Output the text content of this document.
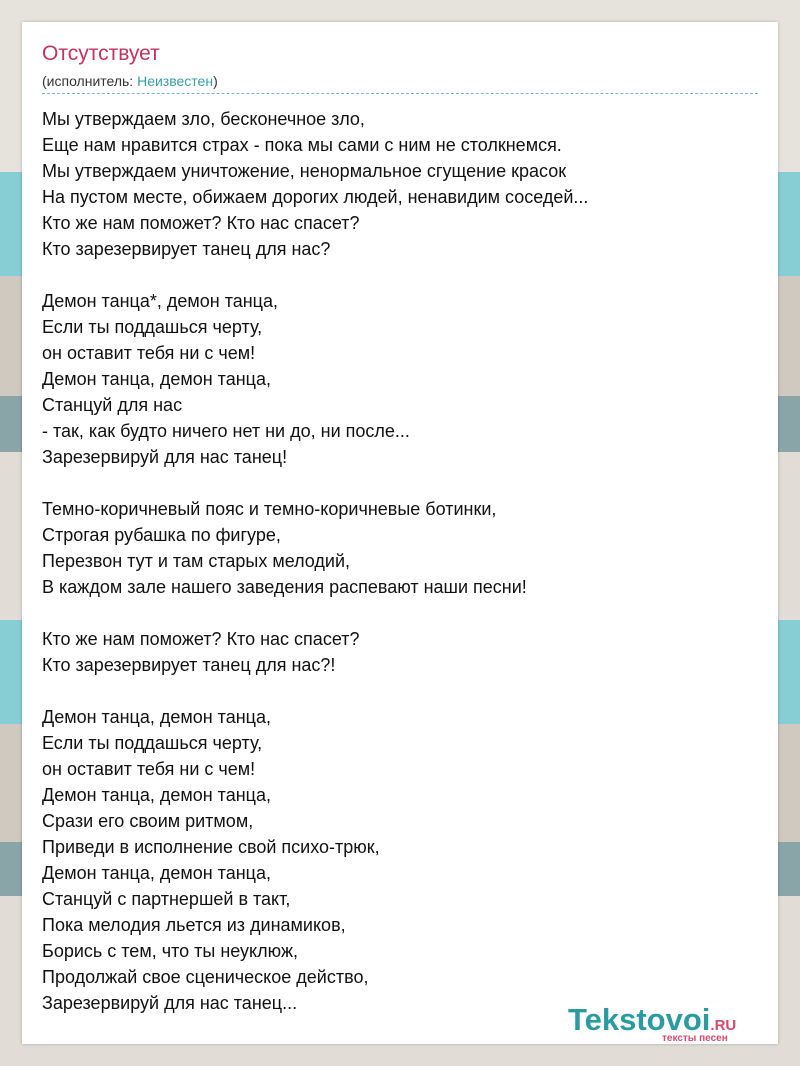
Отсутствует
(исполнитель: Неизвестен)
Мы утверждаем зло, бесконечное зло,
Еще нам нравится страх - пока мы сами с ним не столкнемся.
Мы утверждаем уничтожение, ненормальное сгущение красок
На пустом месте, обижаем дорогих людей, ненавидим соседей...
Кто же нам поможет? Кто нас спасет?
Кто зарезервирует танец для нас?
Демон танца*, демон танца,
Если ты поддашься черту,
он оставит тебя ни с чем!
Демон танца, демон танца,
Станцуй для нас
- так, как будто ничего нет ни до, ни после...
Зарезервируй для нас танец!
Темно-коричневый пояс и темно-коричневые ботинки,
Строгая рубашка по фигуре,
Перезвон тут и там старых мелодий,
В каждом зале нашего заведения распевают наши песни!
Кто же нам поможет? Кто нас спасет?
Кто зарезервирует танец для нас?!
Демон танца, демон танца,
Если ты поддашься черту,
он оставит тебя ни с чем!
Демон танца, демон танца,
Срази его своим ритмом,
Приведи в исполнение свой психо-трюк,
Демон танца, демон танца,
Станцуй с партнершей в такт,
Пока мелодия льется из динамиков,
Борись с тем, что ты неуклюж,
Продолжай свое сценическое действо,
Зарезервируй для нас танец...	Tekstovoi.RU
тексты песен
